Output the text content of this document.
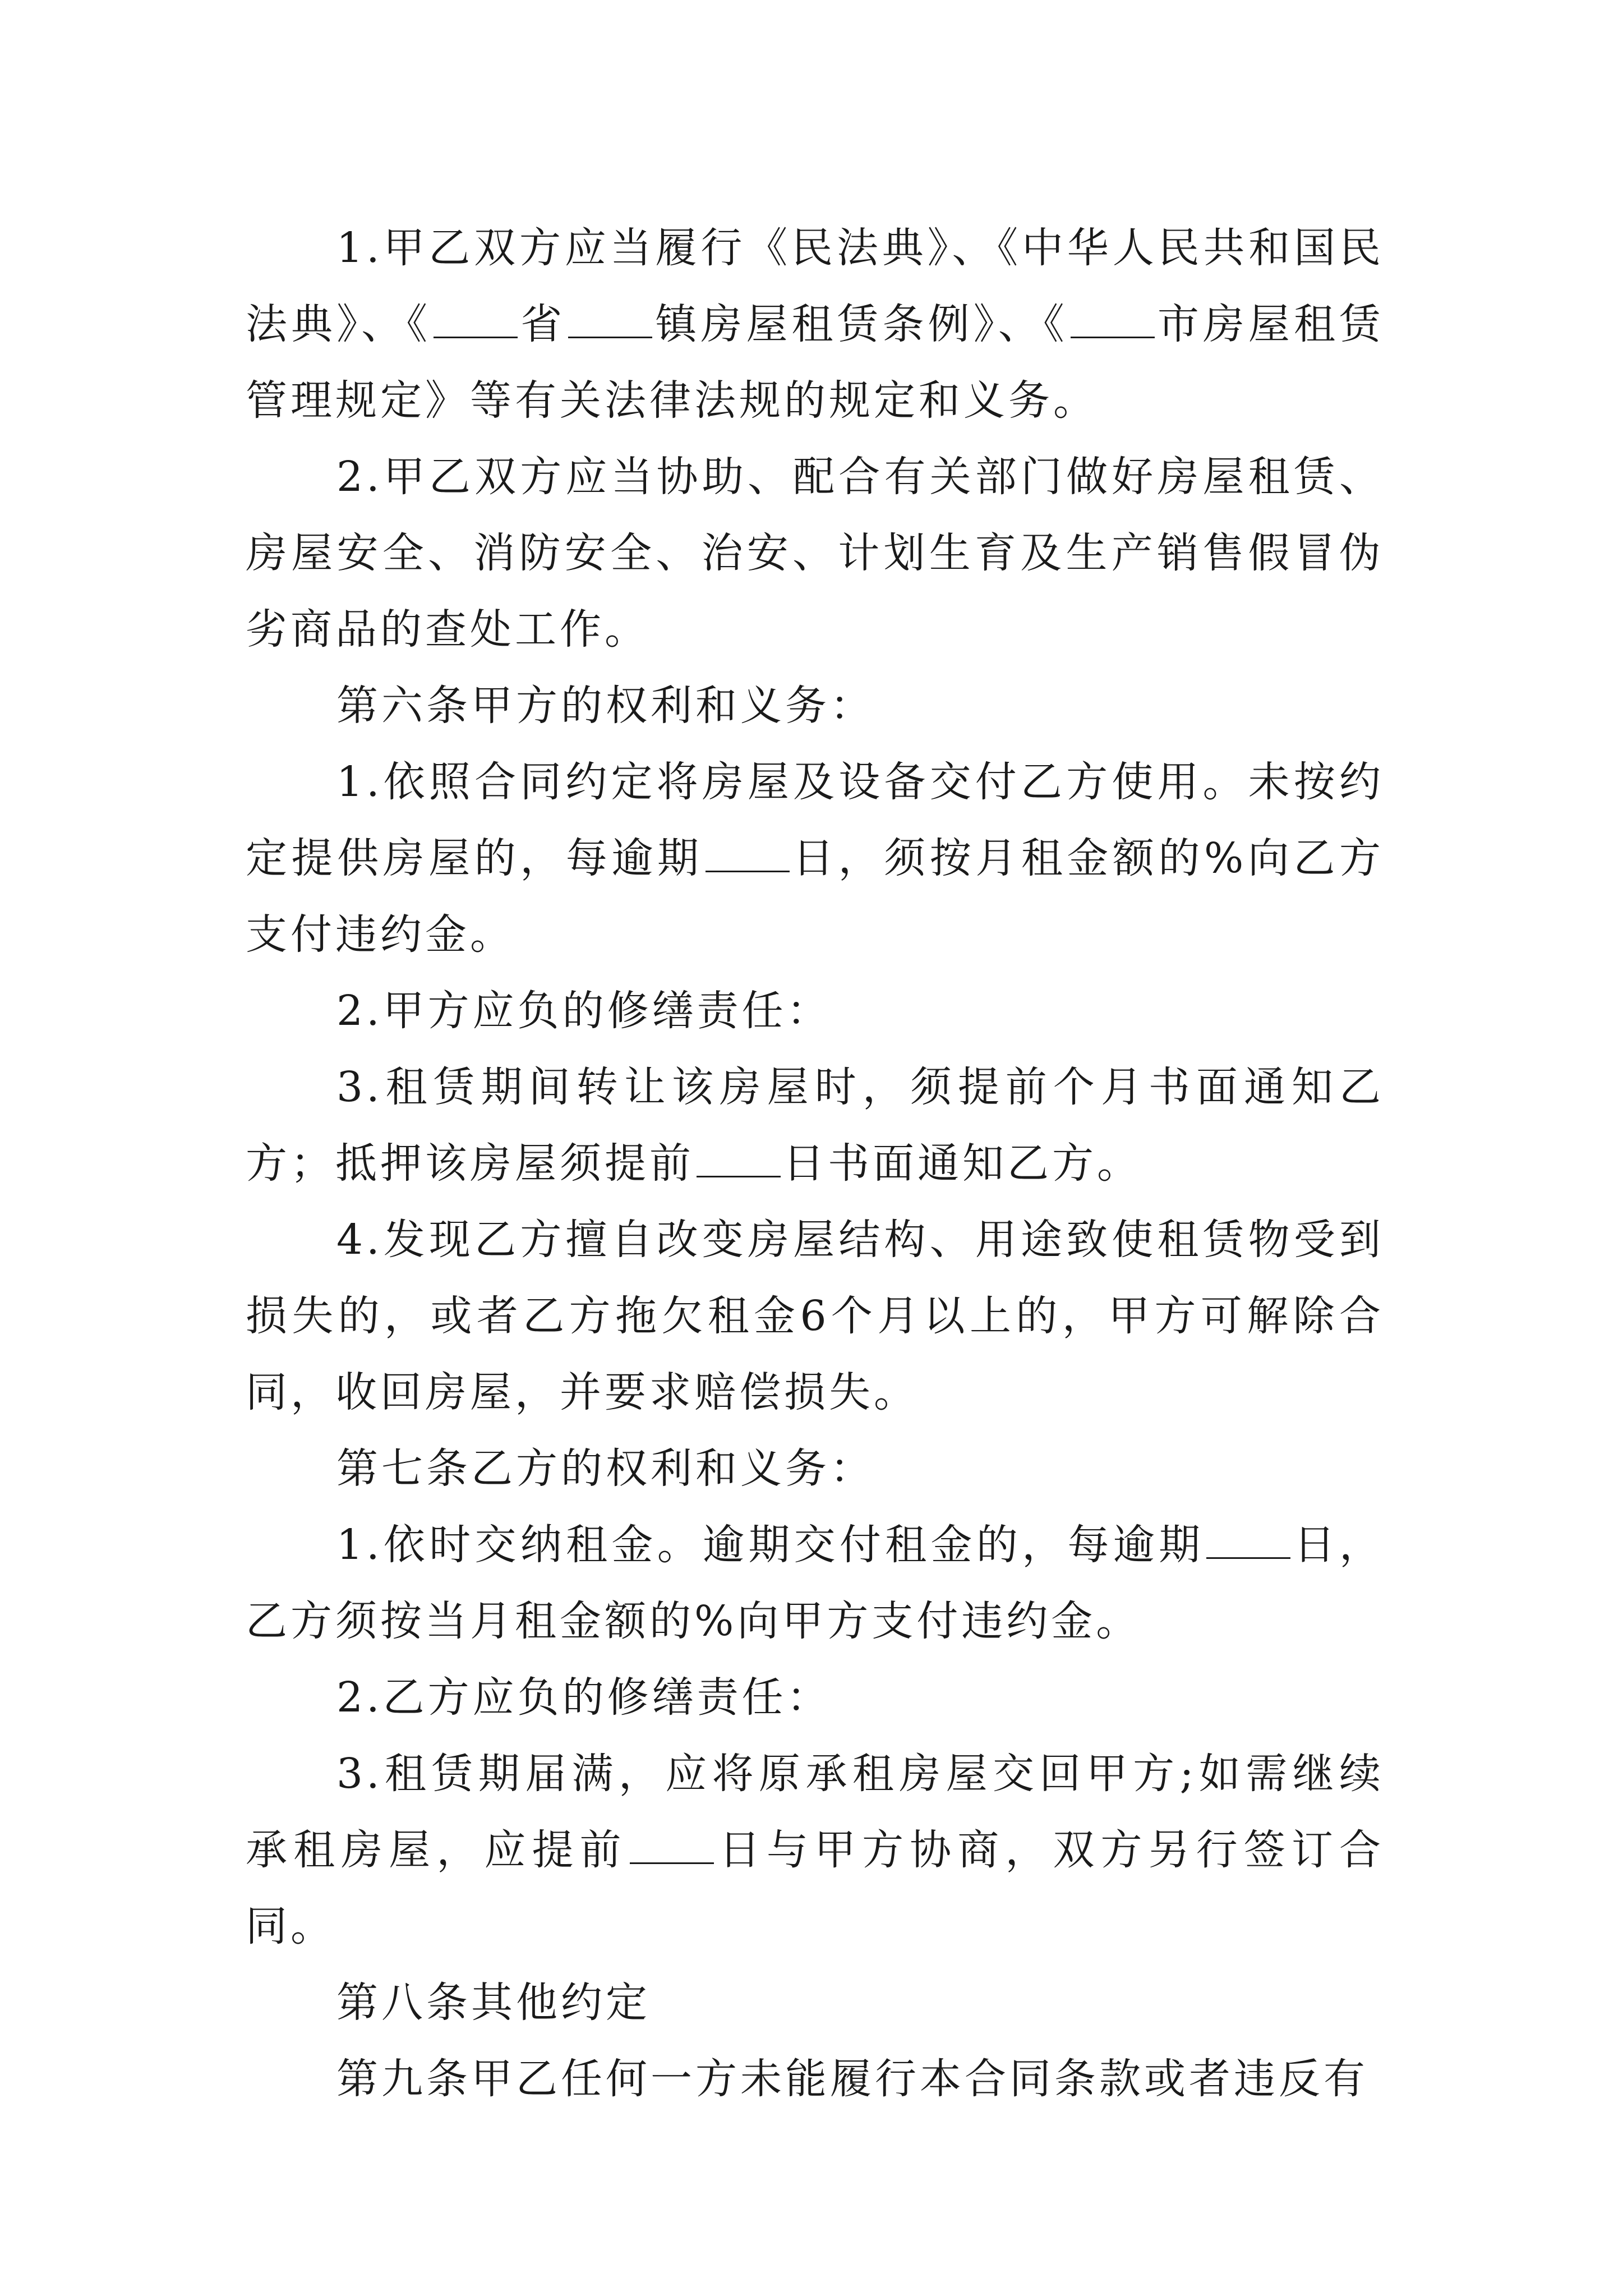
1.甲乙双方应当履行《民法典》、《中华人民共和国民法典》、《 省 镇房屋租赁条例》、《 市房屋租赁管理规定》等有关法律法规的规定和义务。

2.甲乙双方应当协助、配合有关部门做好房屋租赁、房屋安全、消防安全、治安、计划生育及生产销售假冒伪劣商品的查处工作。

第六条甲方的权利和义务：

1.依照合同约定将房屋及设备交付乙方使用。未按约定提供房屋的，每逾期 日，须按月租金额的%向乙方支付违约金。

2.甲方应负的修缮责任：

3.租赁期间转让该房屋时，须提前个月书面通知乙方；抵押该房屋须提前 日书面通知乙方。

4.发现乙方擅自改变房屋结构、用途致使租赁物受到损失的，或者乙方拖欠租金6个月以上的，甲方可解除合同，收回房屋，并要求赔偿损失。

第七条乙方的权利和义务：

1.依时交纳租金。逾期交付租金的，每逾期 日，乙方须按当月租金额的%向甲方支付违约金。

2.乙方应负的修缮责任：

3.租赁期届满，应将原承租房屋交回甲方;如需继续承租房屋，应提前 日与甲方协商，双方另行签订合同。

第八条其他约定

第九条甲乙任何一方未能履行本合同条款或者违反有
